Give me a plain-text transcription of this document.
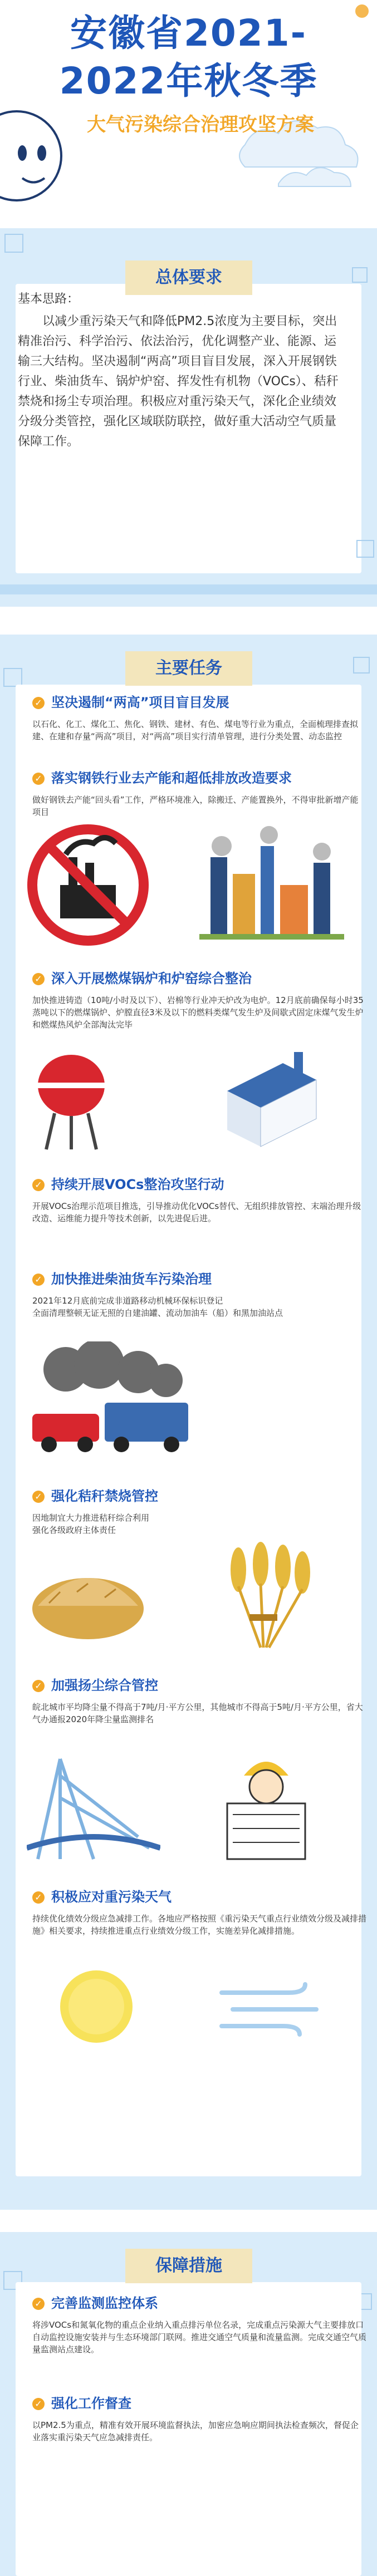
安徽省2021-
2022年秋冬季
大气污染综合治理攻坚方案
基本思路：
以减少重污染天气和降低PM2.5浓度为主要目标，突出精准治污、科学治污、依法治污，优化调整产业、能源、运输三大结构。坚决遏制“两高”项目盲目发展，深入开展钢铁行业、柴油货车、锅炉炉窑、挥发性有机物（VOCs）、秸秆禁烧和扬尘专项治理。积极应对重污染天气，深化企业绩效分级分类管控，强化区域联防联控，做好重大活动空气质量保障工作。
总体要求
✓ 坚决遏制“两高”项目盲目发展
以石化、化工、煤化工、焦化、钢铁、建材、有色、煤电等行业为重点，全面梳理排查拟建、在建和存量“两高”项目，对“两高”项目实行清单管理，进行分类处置、动态监控
✓ 落实钢铁行业去产能和超低排放改造要求
做好钢铁去产能“回头看”工作，严格环境准入，除搬迁、产能置换外，不得审批新增产能项目
✓ 深入开展燃煤锅炉和炉窑综合整治
加快推进铸造（10吨/小时及以下）、岩棉等行业冲天炉改为电炉。12月底前确保每小时35蒸吨以下的燃煤锅炉、炉膛直径3米及以下的燃料类煤气发生炉及间歇式固定床煤气发生炉和燃煤热风炉全部淘汰完毕
✓ 持续开展VOCs整治攻坚行动
开展VOCs治理示范项目推选，引导推动优化VOCs替代、无组织排放管控、末端治理升级改造、运维能力提升等技术创新，以先进促后进。
✓ 加快推进柴油货车污染治理
2021年12月底前完成非道路移动机械环保标识登记
全面清理整顿无证无照的自建油罐、流动加油车（船）和黑加油站点
✓ 强化秸秆禁烧管控
因地制宜大力推进秸秆综合利用
强化各级政府主体责任
✓ 加强扬尘综合管控
皖北城市平均降尘量不得高于7吨/月·平方公里，其他城市不得高于5吨/月·平方公里，省大气办通报2020年降尘量监测排名
✓ 积极应对重污染天气
持续优化绩效分级应急减排工作。各地应严格按照《重污染天气重点行业绩效分级及减排措施》相关要求，持续推进重点行业绩效分级工作，实施差异化减排措施。
主要任务
✓ 完善监测监控体系
将涉VOCs和氮氧化物的重点企业纳入重点排污单位名录，完成重点污染源大气主要排放口自动监控设施安装并与生态环境部门联网。推进交通空气质量和流量监测。完成交通空气质量监测站点建设。
✓ 强化工作督查
以PM2.5为重点，精准有效开展环境监督执法，加密应急响应期间执法检查频次，督促企业落实重污染天气应急减排责任。
保障措施
